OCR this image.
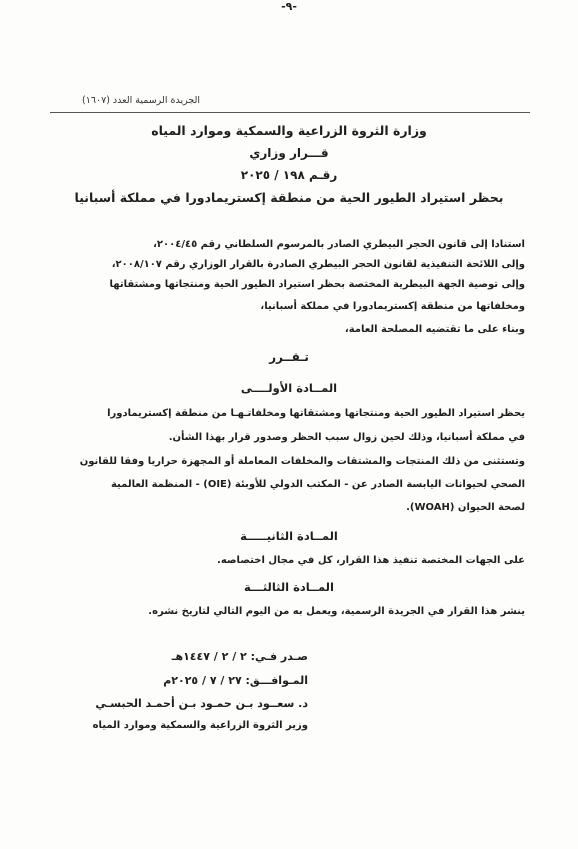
الجريدة الرسمية العدد (١٦٠٧)
وزارة الثروة الزراعية والسمكية وموارد المياه
قـــرار وزاري
رقـم ١٩٨ / ٢٠٢٥
بحظر استيراد الطيور الحية من منطقة إكستريمادورا في مملكة أسبانيا
استنادا إلى قانون الحجر البيطري الصادر بالمرسوم السلطاني رقم ٢٠٠٤/٤٥،
وإلى اللائحة التنفيذية لقانون الحجر البيطري الصادرة بالقرار الوزاري رقم ٢٠٠٨/١٠٧،
وإلى توصية الجهة البيطرية المختصة بحظر استيراد الطيور الحية ومنتجاتها ومشتقاتها
ومخلفاتها من منطقة إكستريمادورا في مملكة أسبانيا،
وبناء على ما تقتضيه المصلحة العامة،
تـقــرر
المــادة الأولــــى
يحظر استيراد الطيور الحية ومنتجاتها ومشتقاتها ومخلفاتـهـا من منطقة إكستريمادورا
في مملكة أسبانيا، وذلك لحين زوال سبب الحظر وصدور قرار بهذا الشأن.
وتستثنى من ذلك المنتجات والمشتقات والمخلفات المعاملة أو المجهزة حراريا وفقا للقانون
الصحي لحيوانات اليابسة الصادر عن - المكتب الدولي للأوبئة (OIE) - المنظمة العالمية
لصحة الحيوان (WOAH).
المــادة الثانيـــــة
على الجهات المختصة تنفيذ هذا القرار، كل في مجال اختصاصه.
المــادة الثالثـــة
ينشر هذا القرار في الجريدة الرسمية، ويعمل به من اليوم التالي لتاريخ نشره.
صـدر فـي: ٢ / ٢ / ١٤٤٧هـ
المـوافـــق: ٢٧ / ٧ / ٢٠٢٥م
د. سعــود بـن حمـود بـن أحمـد الحبسـي
وزير الثروة الزراعية والسمكية وموارد المياه
-٩-
